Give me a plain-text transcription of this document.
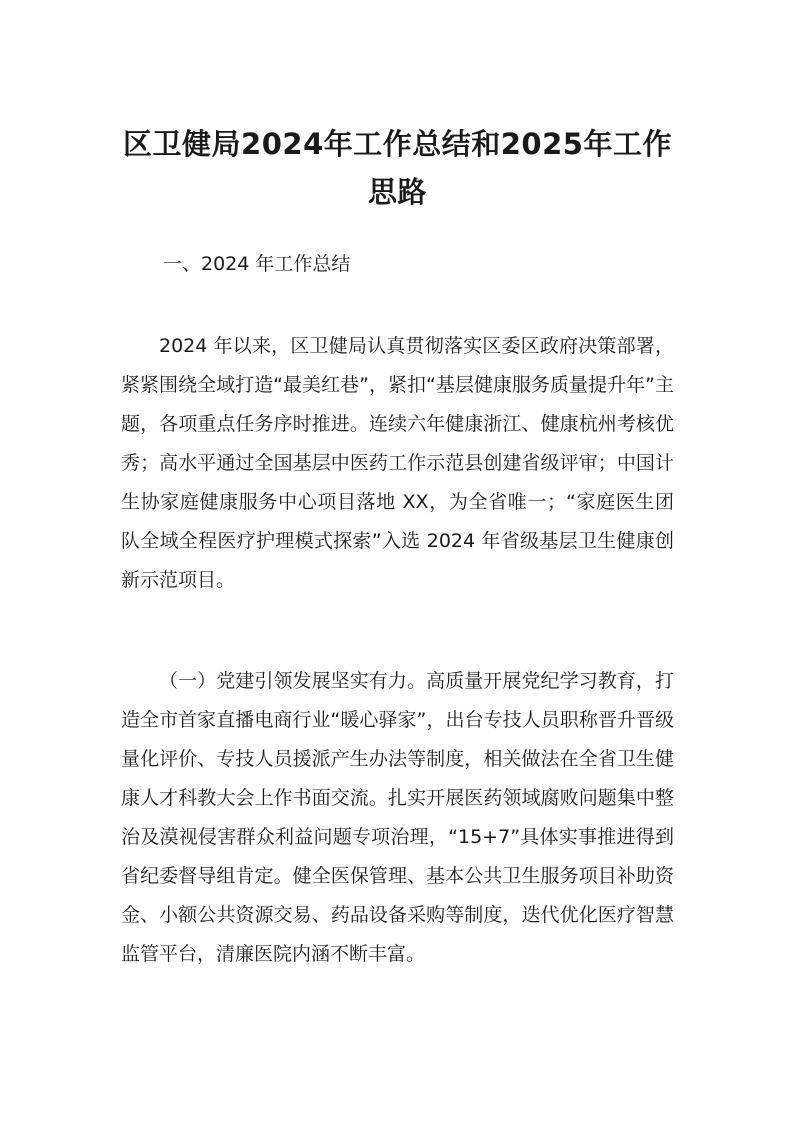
区卫健局2024年工作总结和2025年工作思路
一、2024 年工作总结

2024 年以来，区卫健局认真贯彻落实区委区政府决策部署，紧紧围绕全域打造“最美红巷”，紧扣“基层健康服务质量提升年”主题，各项重点任务序时推进。连续六年健康浙江、健康杭州考核优秀；高水平通过全国基层中医药工作示范县创建省级评审；中国计生协家庭健康服务中心项目落地 XX，为全省唯一；“家庭医生团队全域全程医疗护理模式探索”入选 2024 年省级基层卫生健康创新示范项目。

（一）党建引领发展坚实有力。高质量开展党纪学习教育，打造全市首家直播电商行业“暖心驿家”，出台专技人员职称晋升晋级量化评价、专技人员援派产生办法等制度，相关做法在全省卫生健康人才科教大会上作书面交流。扎实开展医药领域腐败问题集中整治及漠视侵害群众利益问题专项治理，“15+7”具体实事推进得到省纪委督导组肯定。健全医保管理、基本公共卫生服务项目补助资金、小额公共资源交易、药品设备采购等制度，迭代优化医疗智慧监管平台，清廉医院内涵不断丰富。
